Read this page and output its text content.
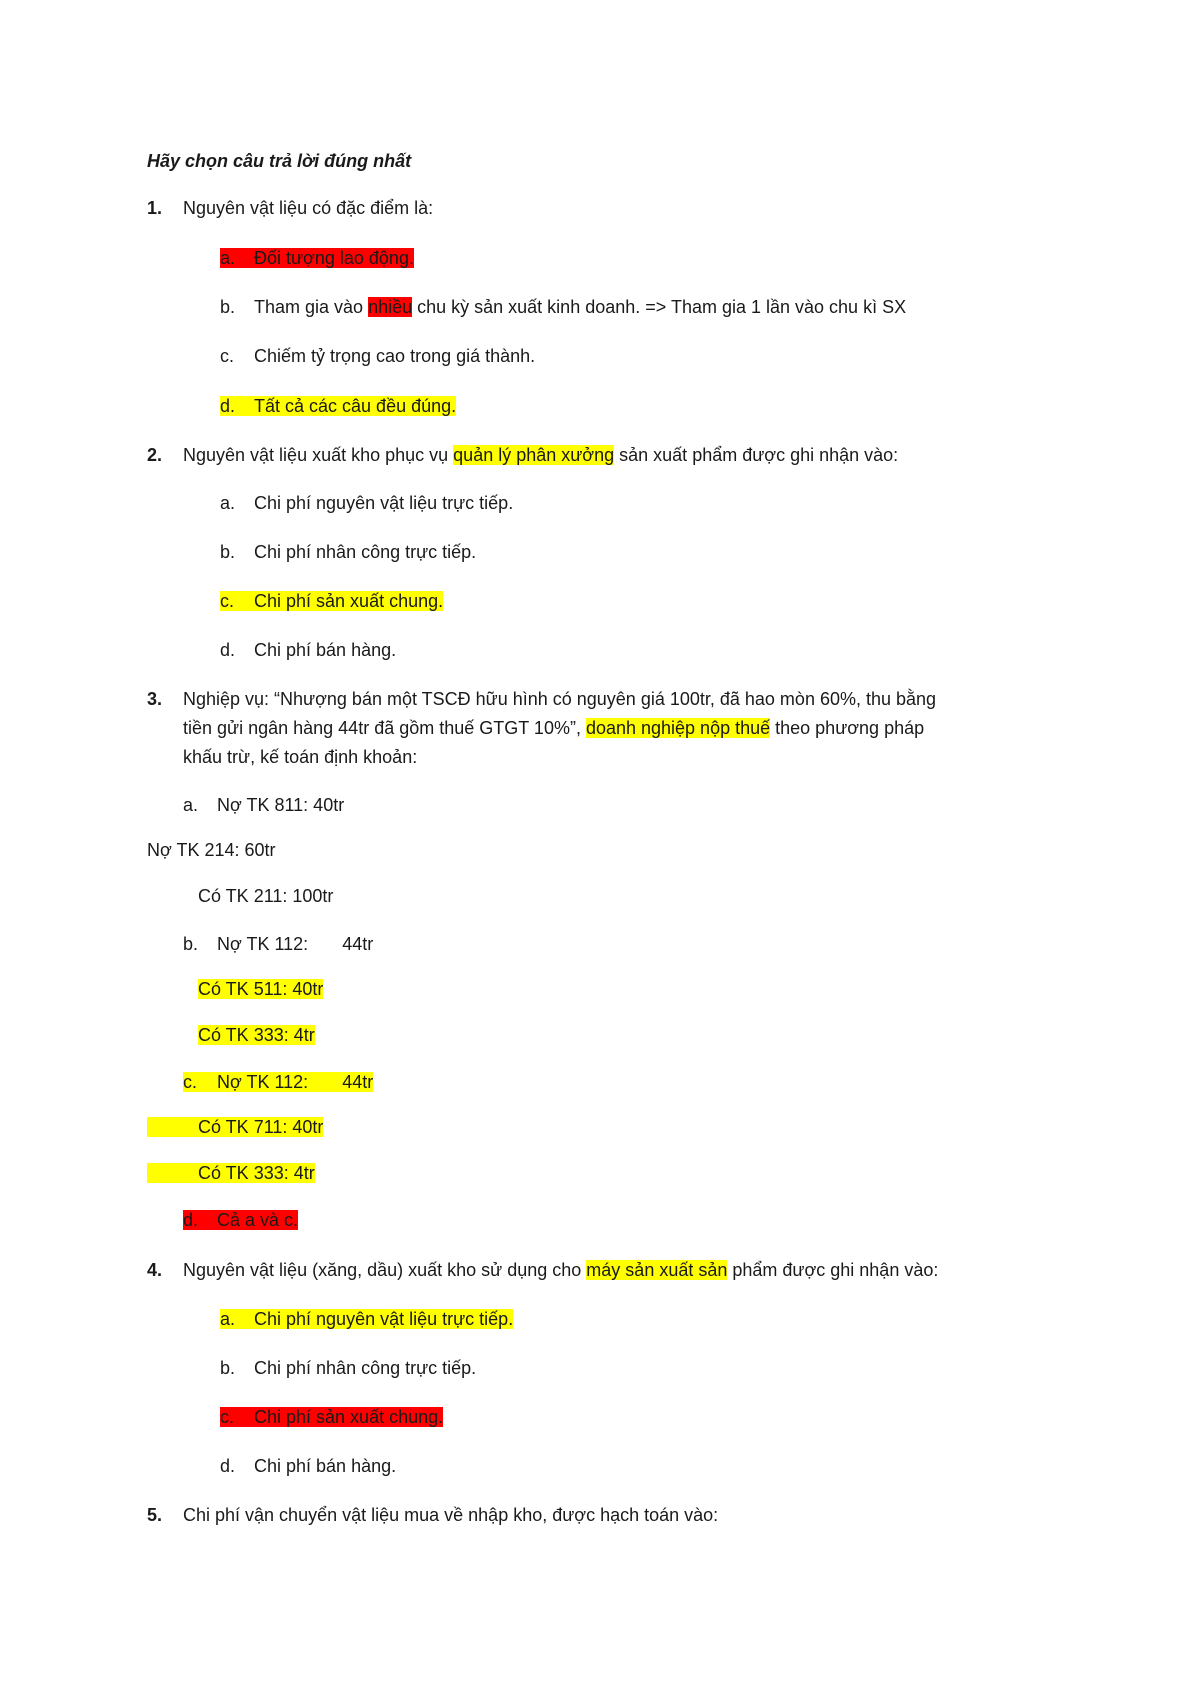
Hãy chọn câu trả lời đúng nhất
1. Nguyên vật liệu có đặc điểm là:
a. Đối tượng lao động.
b. Tham gia vào nhiều chu kỳ sản xuất kinh doanh. => Tham gia 1 lần vào chu kì SX
c. Chiếm tỷ trọng cao trong giá thành.
d. Tất cả các câu đều đúng.
2. Nguyên vật liệu xuất kho phục vụ quản lý phân xưởng sản xuất phẩm được ghi nhận vào:
a. Chi phí nguyên vật liệu trực tiếp.
b. Chi phí nhân công trực tiếp.
c. Chi phí sản xuất chung.
d. Chi phí bán hàng.
3. Nghiệp vụ: “Nhượng bán một TSCĐ hữu hình có nguyên giá 100tr, đã hao mòn 60%, thu bằng
tiền gửi ngân hàng 44tr đã gồm thuế GTGT 10%”, doanh nghiệp nộp thuế theo phương pháp
khấu trừ, kế toán định khoản:
a. Nợ TK 811: 40tr
Nợ TK 214: 60tr
Có TK 211: 100tr
b. Nợ TK 112: 44tr
Có TK 511: 40tr
Có TK 333: 4tr
c. Nợ TK 112: 44tr
Có TK 711: 40tr
Có TK 333: 4tr
d. Cả a và c.
4. Nguyên vật liệu (xăng, dầu) xuất kho sử dụng cho máy sản xuất sản phẩm được ghi nhận vào:
a. Chi phí nguyên vật liệu trực tiếp.
b. Chi phí nhân công trực tiếp.
c. Chi phí sản xuất chung.
d. Chi phí bán hàng.
5. Chi phí vận chuyển vật liệu mua về nhập kho, được hạch toán vào:
